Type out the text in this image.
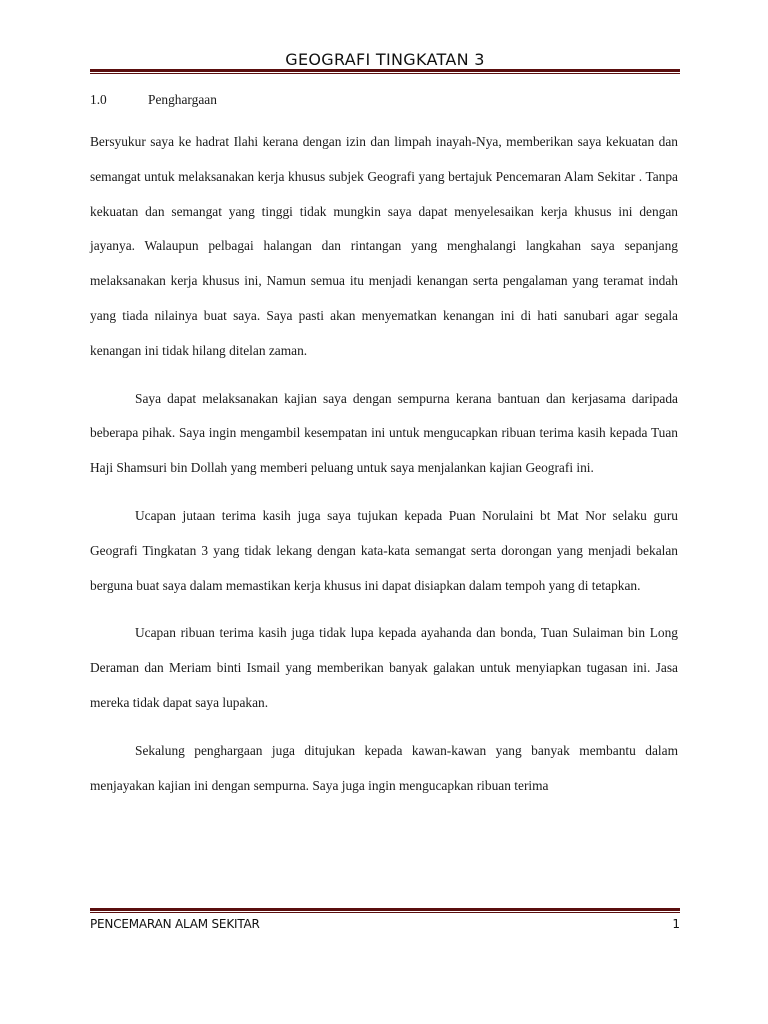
GEOGRAFI TINGKATAN 3
1.0	Penghargaan

Bersyukur saya ke hadrat Ilahi kerana dengan izin dan limpah inayah-Nya, memberikan saya kekuatan dan semangat untuk melaksanakan kerja khusus subjek Geografi yang bertajuk Pencemaran Alam Sekitar . Tanpa kekuatan dan semangat yang tinggi tidak mungkin saya dapat menyelesaikan kerja khusus ini dengan jayanya. Walaupun pelbagai halangan dan rintangan yang menghalangi langkahan saya sepanjang melaksanakan kerja khusus ini, Namun semua itu menjadi kenangan serta pengalaman yang teramat indah yang tiada nilainya buat saya. Saya pasti akan menyematkan kenangan ini di hati sanubari agar segala kenangan ini tidak hilang ditelan zaman.

Saya dapat melaksanakan kajian saya dengan sempurna kerana bantuan dan kerjasama daripada beberapa pihak. Saya ingin mengambil kesempatan ini untuk mengucapkan ribuan terima kasih kepada Tuan Haji Shamsuri bin Dollah yang memberi peluang untuk saya menjalankan kajian Geografi ini.

Ucapan jutaan terima kasih juga saya tujukan kepada Puan Norulaini bt Mat Nor selaku guru Geografi Tingkatan 3 yang tidak lekang dengan kata-kata semangat serta dorongan yang menjadi bekalan berguna buat saya dalam memastikan kerja khusus ini dapat disiapkan dalam tempoh yang di tetapkan.

Ucapan ribuan terima kasih juga tidak lupa kepada ayahanda dan bonda, Tuan Sulaiman bin Long Deraman dan Meriam binti Ismail yang memberikan banyak galakan untuk menyiapkan tugasan ini. Jasa mereka tidak dapat saya lupakan.

Sekalung penghargaan juga ditujukan kepada kawan-kawan yang banyak membantu dalam menjayakan kajian ini dengan sempurna. Saya juga ingin mengucapkan ribuan terima

PENCEMARAN ALAM SEKITAR	1
